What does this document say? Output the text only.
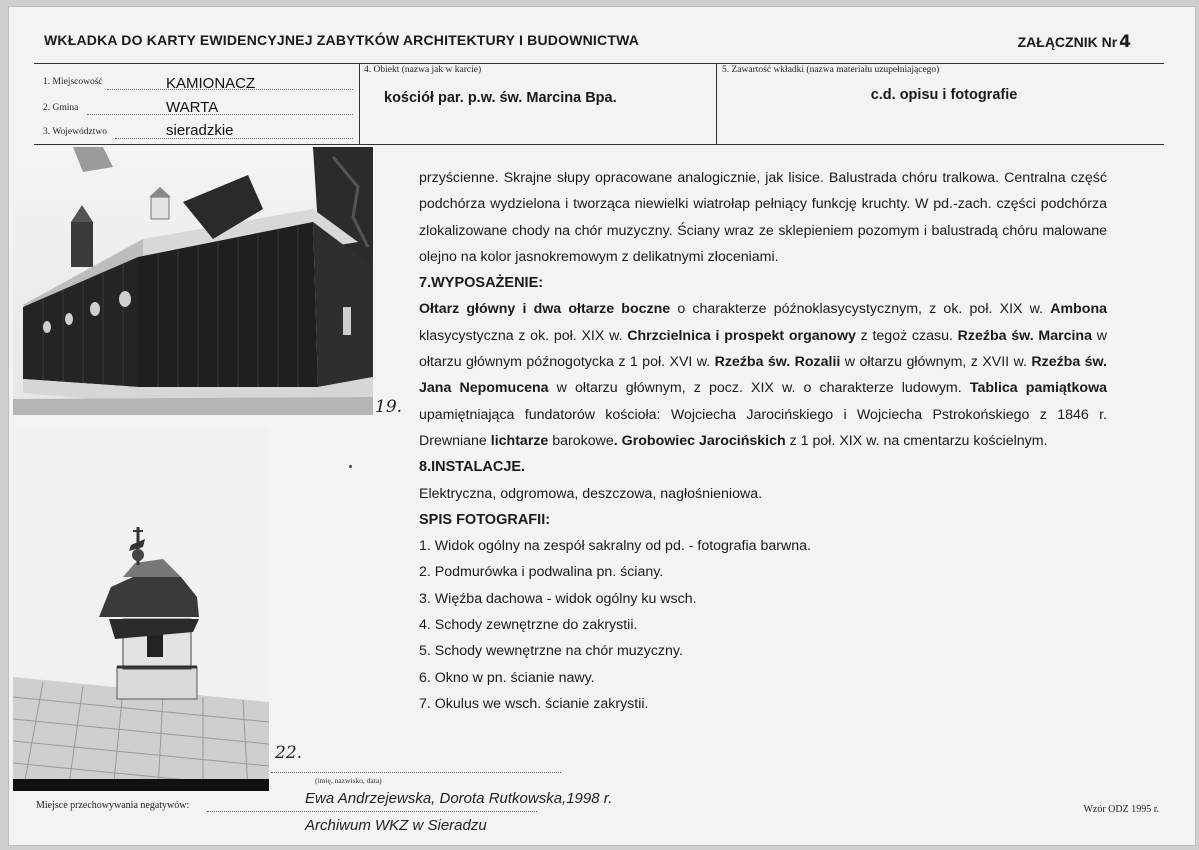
WKŁADKA DO KARTY EWIDENCYJNEJ ZABYTKÓW ARCHITEKTURY I BUDOWNICTWA	ZAŁĄCZNIK Nr 4
1. Miejscowość	KAMIONACZ
2. Gmina	WARTA
3. Województwo	sieradzkie
4. Obiekt (nazwa jak w karcie)
kościół par. p.w. św. Marcina Bpa.
5. Zawartość wkładki (nazwa materiału uzupełniającego)
c.d. opisu i fotografie
19.
22.

przyścienne. Skrajne słupy opracowane analogicznie, jak lisice. Balustrada chóru tralkowa. Centralna część podchórza wydzielona i tworząca niewielki wiatrołap pełniący funkcję kruchty. W pd.-zach. części podchórza zlokalizowane chody na chór muzyczny. Ściany wraz ze sklepieniem pozomym i balustradą chóru malowane olejno na kolor jasnokremowym z delikatnymi złoceniami.

7.WYPOSAŻENIE:

Ołtarz główny i dwa ołtarze boczne o charakterze późnoklasycystycznym, z ok. poł. XIX w. Ambona klasycystyczna z ok. poł. XIX w. Chrzcielnica i prospekt organowy z tegoż czasu. Rzeźba św. Marcina w ołtarzu głównym późnogotycka z 1 poł. XVI w. Rzeźba św. Rozalii w ołtarzu głównym, z XVII w. Rzeźba św. Jana Nepomucena w ołtarzu głównym, z pocz. XIX w. o charakterze ludowym. Tablica pamiątkowa upamiętniająca fundatorów kościoła: Wojciecha Jarocińskiego i Wojciecha Pstrokońskiego z 1846 r. Drewniane lichtarze barokowe. Grobowiec Jarocińskich z 1 poł. XIX w. na cmentarzu kościelnym.

8.INSTALACJE.

Elektryczna, odgromowa, deszczowa, nagłośnieniowa.

SPIS FOTOGRAFII:
1. Widok ogólny na zespół sakralny od pd. - fotografia barwna.
2. Podmurówka i podwalina pn. ściany.
3. Więźba dachowa - widok ogólny ku wsch.
4. Schody zewnętrzne do zakrystii.
5. Schody wewnętrzne na chór muzyczny.
6. Okno w pn. ścianie nawy.
7. Okulus we wsch. ścianie zakrystii.
(imię, nazwisko, data)
Miejsce przechowywania negatywów:	Ewa Andrzejewska, Dorota Rutkowska,1998 r.
Archiwum WKZ w Sieradzu
Wzór ODZ 1995 r.
